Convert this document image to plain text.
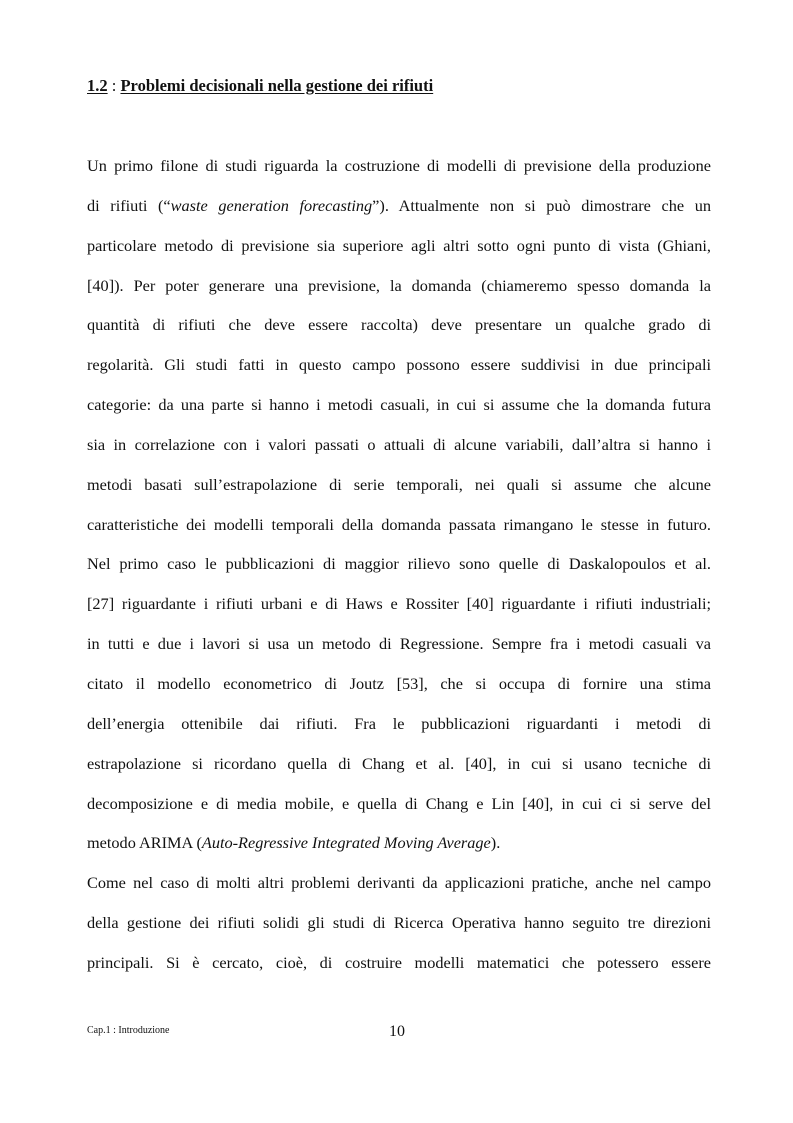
1.2 : Problemi decisionali nella gestione dei rifiuti
Un primo filone di studi riguarda la costruzione di modelli di previsione della produzione
di rifiuti (“waste generation forecasting”). Attualmente non si può dimostrare che un
particolare metodo di previsione sia superiore agli altri sotto ogni punto di vista (Ghiani,
[40]). Per poter generare una previsione, la domanda (chiameremo spesso domanda la
quantità di rifiuti che deve essere raccolta) deve presentare un qualche grado di
regolarità. Gli studi fatti in questo campo possono essere suddivisi in due principali
categorie: da una parte si hanno i metodi casuali, in cui si assume che la domanda futura
sia in correlazione con i valori passati o attuali di alcune variabili, dall’altra si hanno i
metodi basati sull’estrapolazione di serie temporali, nei quali si assume che alcune
caratteristiche dei modelli temporali della domanda passata rimangano le stesse in futuro.
Nel primo caso le pubblicazioni di maggior rilievo sono quelle di Daskalopoulos et al.
[27] riguardante i rifiuti urbani e di Haws e Rossiter [40] riguardante i rifiuti industriali;
in tutti e due i lavori si usa un metodo di Regressione. Sempre fra i metodi casuali va
citato il modello econometrico di Joutz [53], che si occupa di fornire una stima
dell’energia ottenibile dai rifiuti. Fra le pubblicazioni riguardanti i metodi di
estrapolazione si ricordano quella di Chang et al. [40], in cui si usano tecniche di
decomposizione e di media mobile, e quella di Chang e Lin [40], in cui ci si serve del
metodo ARIMA (Auto-Regressive Integrated Moving Average).
Come nel caso di molti altri problemi derivanti da applicazioni pratiche, anche nel campo
della gestione dei rifiuti solidi gli studi di Ricerca Operativa hanno seguito tre direzioni
principali. Si è cercato, cioè, di costruire modelli matematici che potessero essere

Cap.1 : Introduzione	10
